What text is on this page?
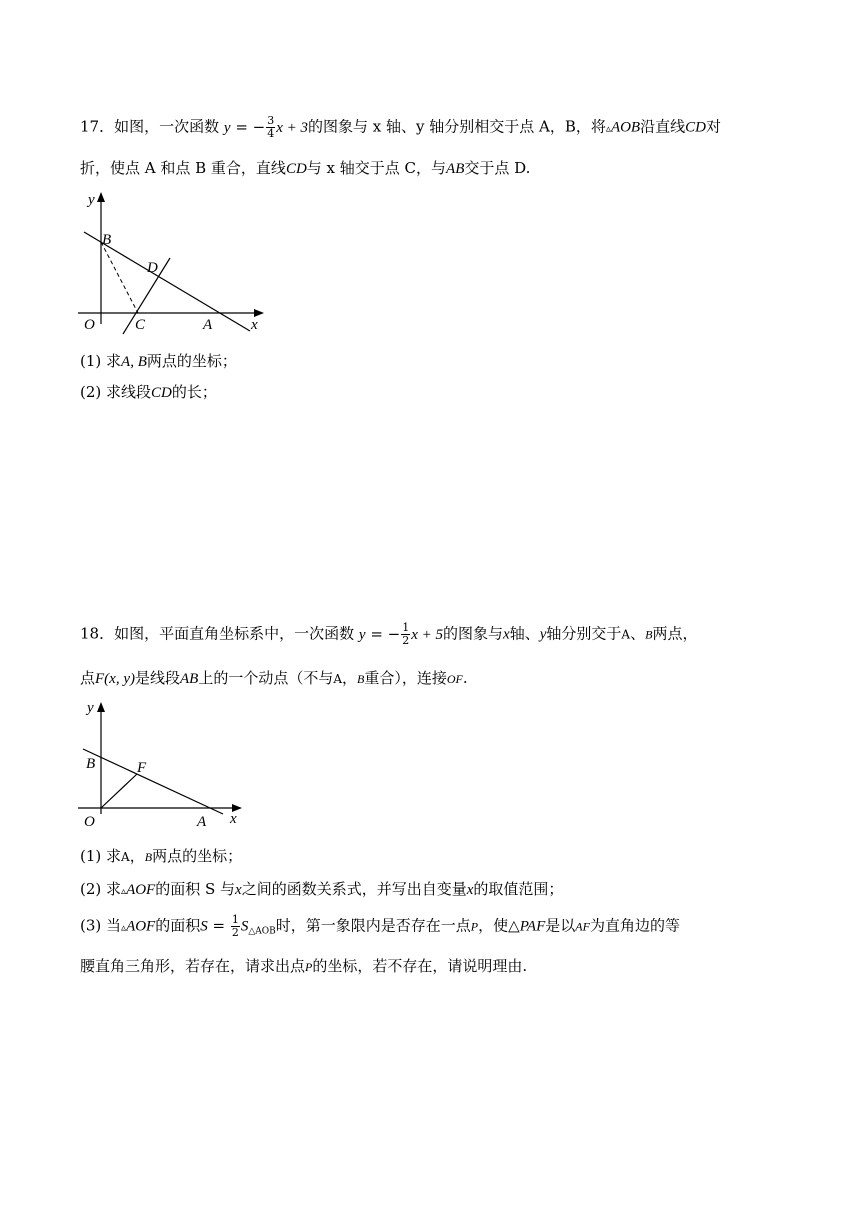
17．如图，一次函数 y = − $\frac{3}{4}$ x + 3的图象与 x 轴、y 轴分别相交于点 A，B，将▵AOB沿直线CD对
折，使点 A 和点 B 重合，直线CD与 x 轴交于点 C，与AB交于点 D.
y
x
O
B
D
C	A
(1) 求A, B两点的坐标；
(2) 求线段CD的长；
18．如图，平面直角坐标系中，一次函数 y = − $\frac{1}{2}$ x + 5的图象与x轴、y轴分别交于A、B两点，
点F(x, y)是线段AB上的一个动点（不与A，B重合），连接OF.
y
x
O
B	F
A
(1) 求A，B两点的坐标；
(2) 求▵AOF的面积 S 与x之间的函数关系式，并写出自变量x的取值范围；
(3) 当▵AOF的面积$S = \frac{1}{2} S_{\triangle AOB}$时，第一象限内是否存在一点P，使△PAF是以AF为直角边的等
腰直角三角形，若存在，请求出点P的坐标，若不存在，请说明理由.
